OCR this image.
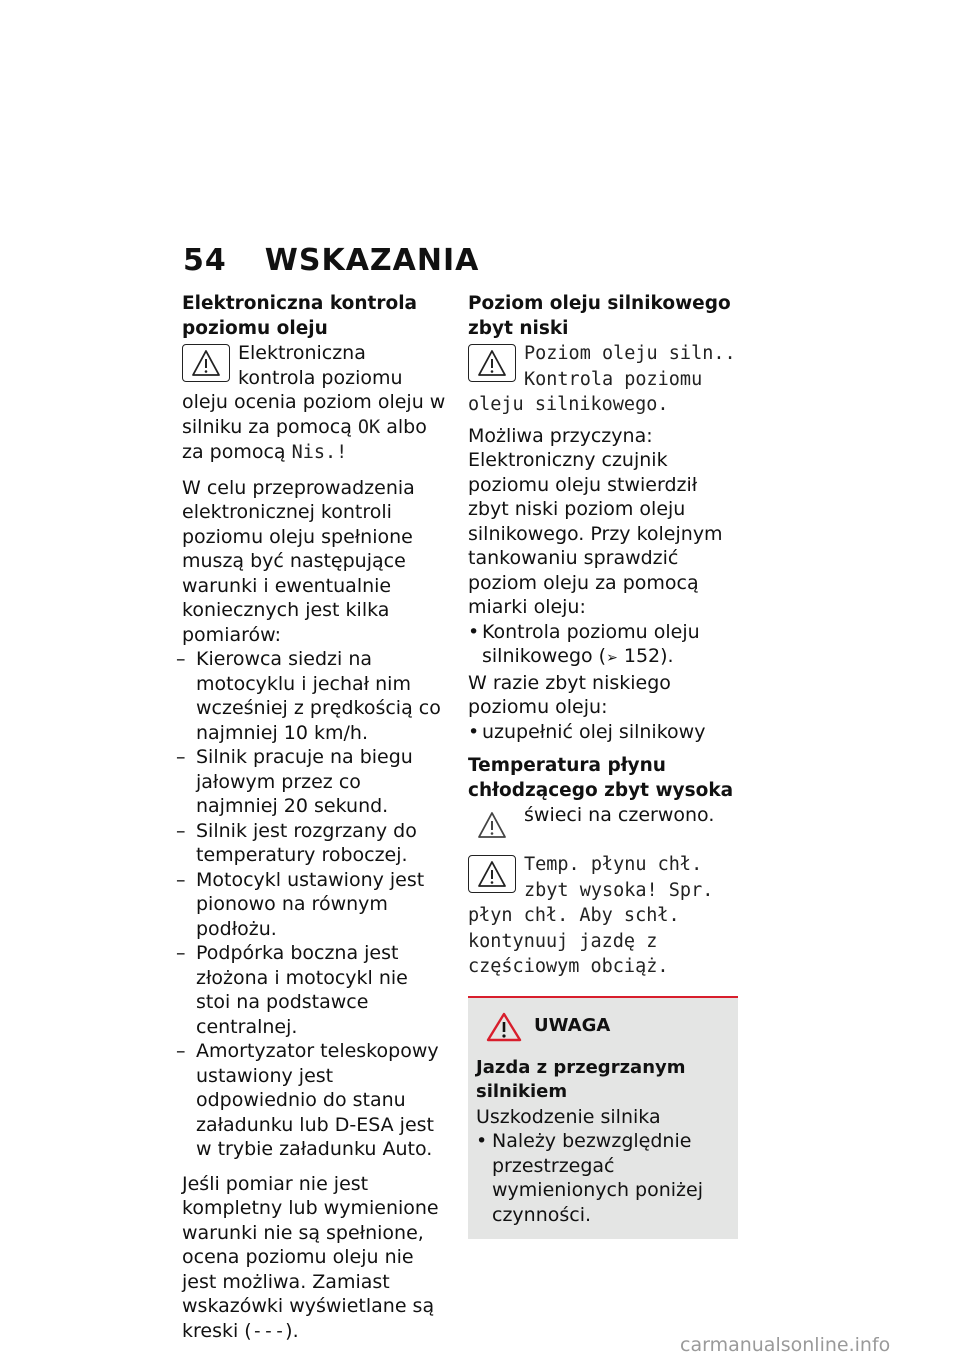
54 WSKAZANIA

Elektroniczna kontrola poziomu oleju

Elektroniczna kontrola poziomu oleju ocenia poziom oleju w silniku za pomocą OK albo za pomocą Nis.!

W celu przeprowadzenia elektronicznej kontroli poziomu oleju spełnione muszą być następujące warunki i ewentualnie koniecznych jest kilka pomiarów:

– Kierowca siedzi na motocyklu i jechał nim wcześniej z prędkością co najmniej 10 km/h.
– Silnik pracuje na biegu jałowym przez co najmniej 20 sekund.
– Silnik jest rozgrzany do temperatury roboczej.
– Motocykl ustawiony jest pionowo na równym podłożu.
– Podpórka boczna jest złożona i motocykl nie stoi na podstawce centralnej.
– Amortyzator teleskopowy ustawiony jest odpowiednio do stanu załadunku lub D-ESA jest w trybie załadunku Auto.

Jeśli pomiar nie jest kompletny lub wymienione warunki nie są spełnione, ocena poziomu oleju nie jest możliwa. Zamiast wskazówki wyświetlane są kreski (---).

Poziom oleju silnikowego zbyt niski

Poziom oleju siln.. Kontrola poziomu oleju silnikowego.

Możliwa przyczyna:

Elektroniczny czujnik poziomu oleju stwierdził zbyt niski poziom oleju silnikowego. Przy kolejnym tankowaniu sprawdzić poziom oleju za pomocą miarki oleju:

• Kontrola poziomu oleju silnikowego (➢ 152).

W razie zbyt niskiego poziomu oleju:

• uzupełnić olej silnikowy

Temperatura płynu chłodzącego zbyt wysoka

świeci na czerwono.
Temp. płynu chł. zbyt wysoka! Spr. płyn chł. Aby schł. kontynuuj jazdę z częściowym obciąż.
UWAGA

Jazda z przegrzanym silnikiem

Uszkodzenie silnika

• Należy bezwzględnie przestrzegać wymienionych poniżej czynności.
carmanualsonline.info
